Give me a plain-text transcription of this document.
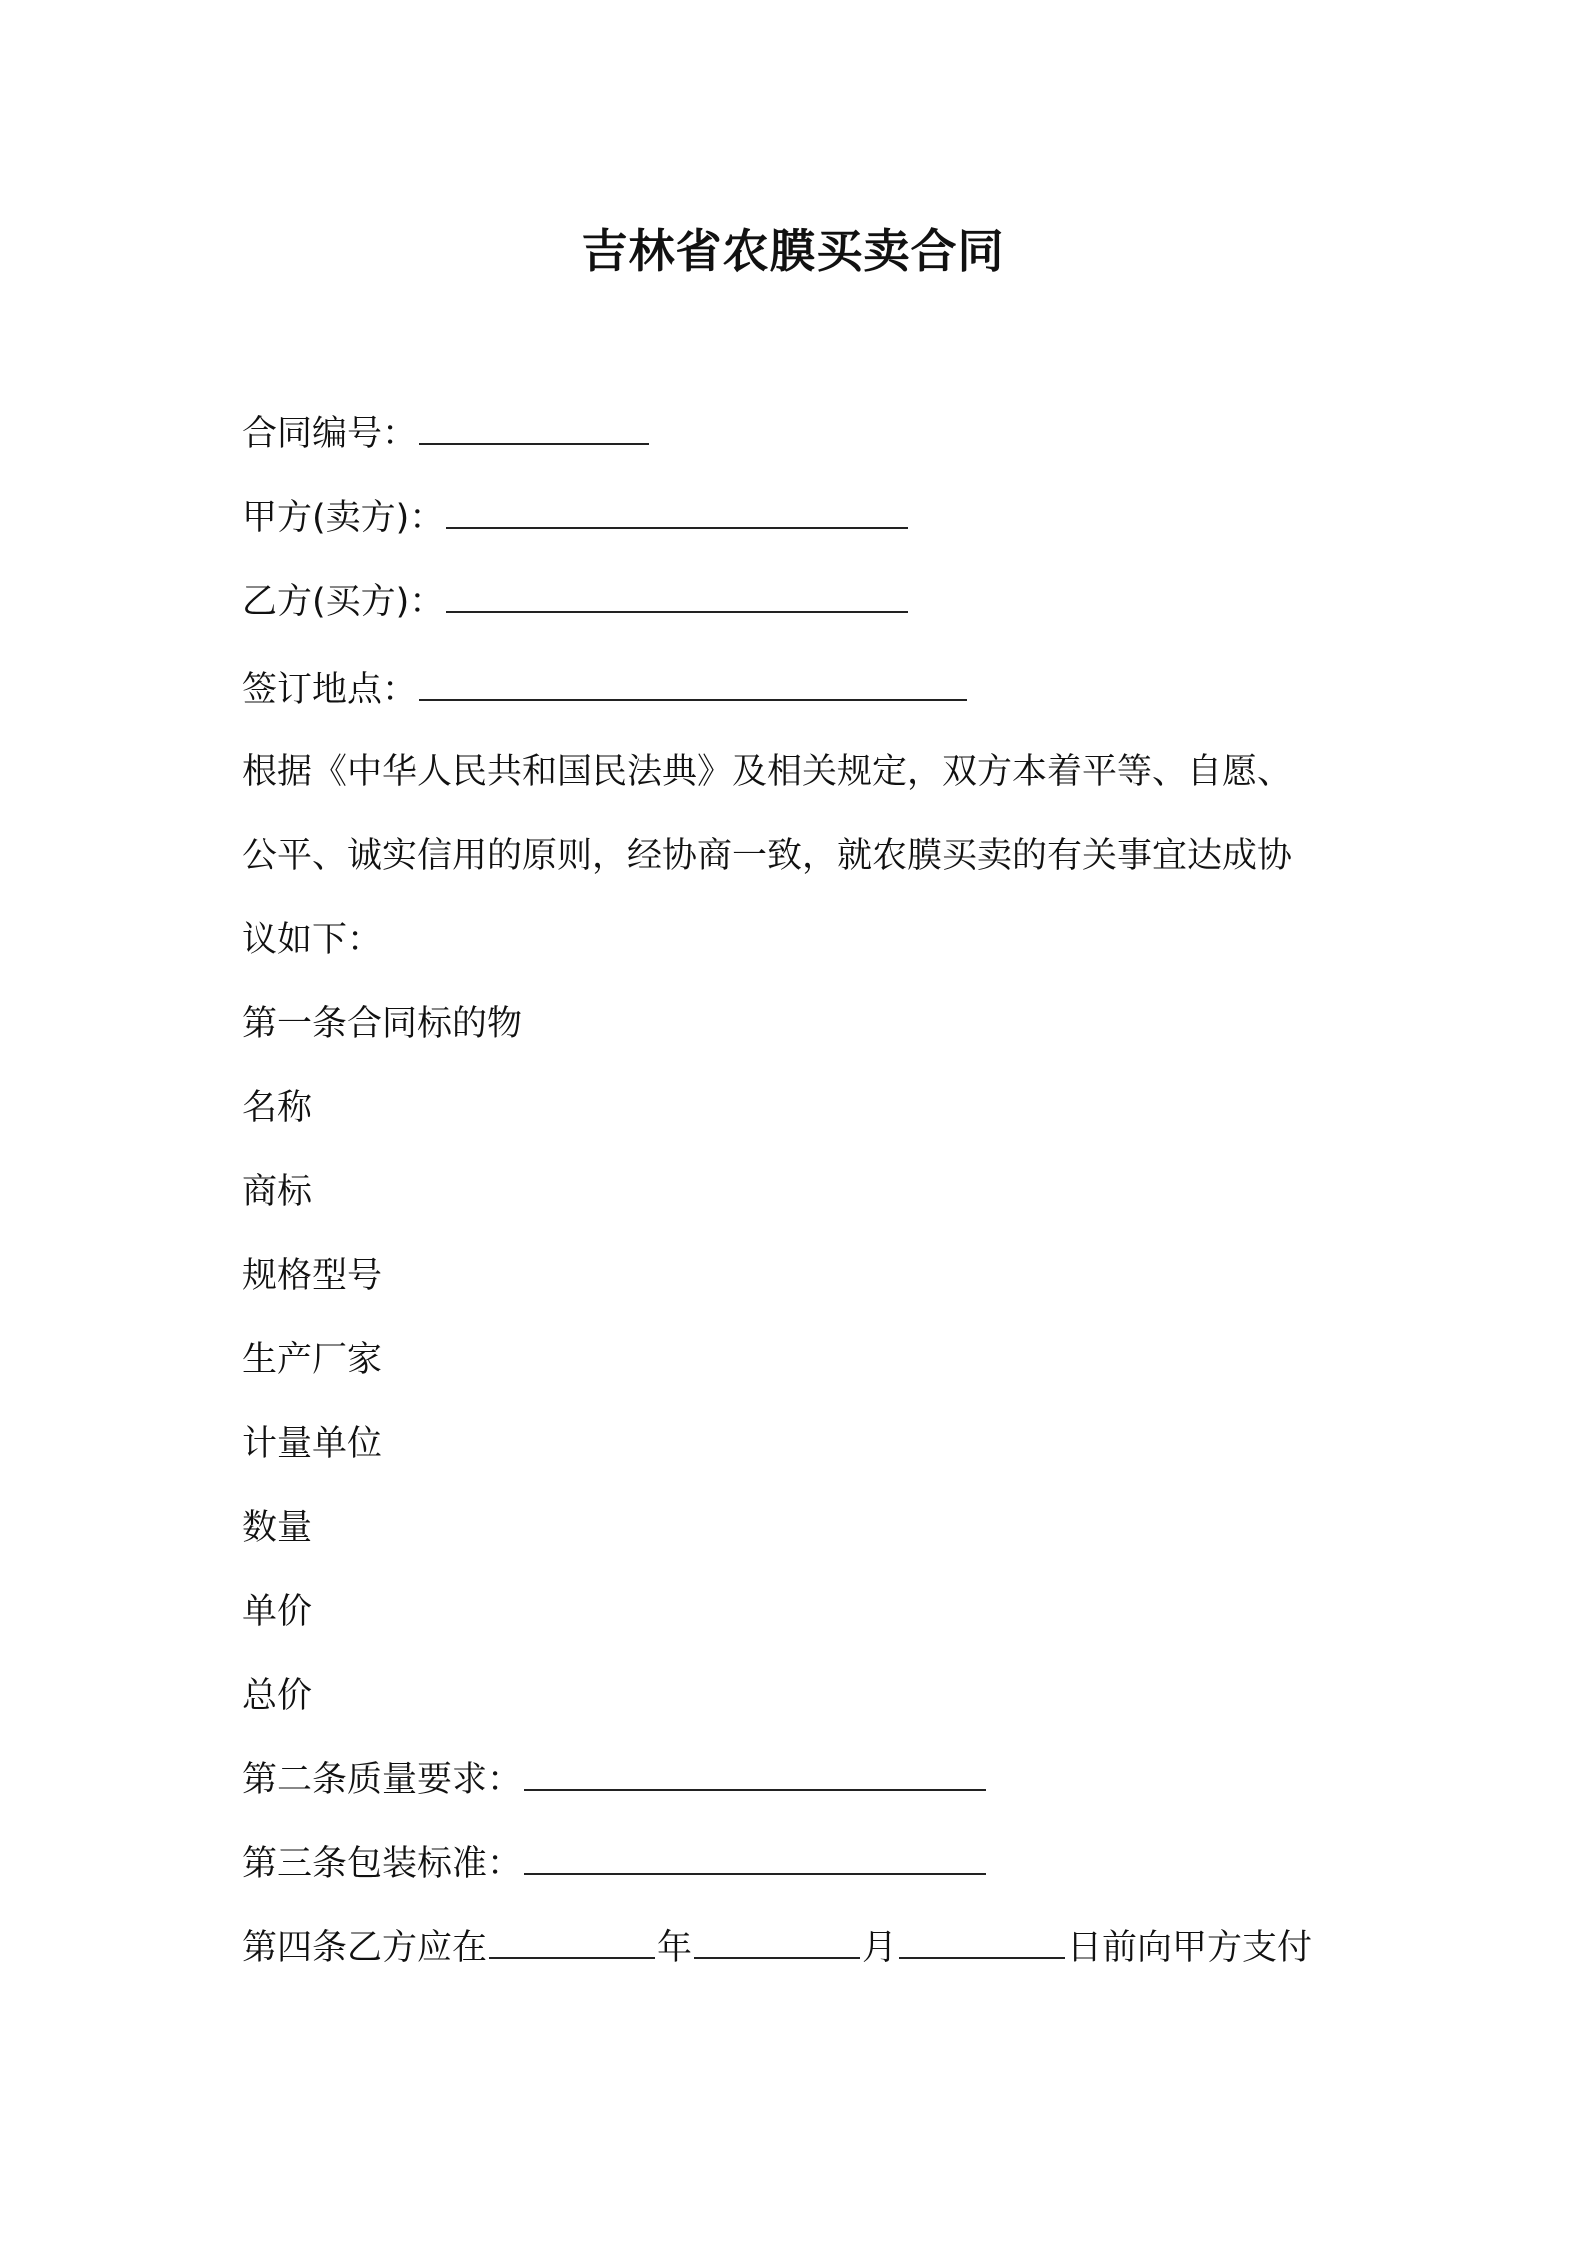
吉林省农膜买卖合同
合同编号：
甲方(卖方)：
乙方(买方)：
签订地点：
根据《中华人民共和国民法典》及相关规定，双方本着平等、自愿、
公平、诚实信用的原则，经协商一致，就农膜买卖的有关事宜达成协
议如下：
第一条合同标的物
名称
商标
规格型号
生产厂家
计量单位
数量
单价
总价
第二条质量要求：
第三条包装标准：
第四条乙方应在	年	月	日前向甲方支付
